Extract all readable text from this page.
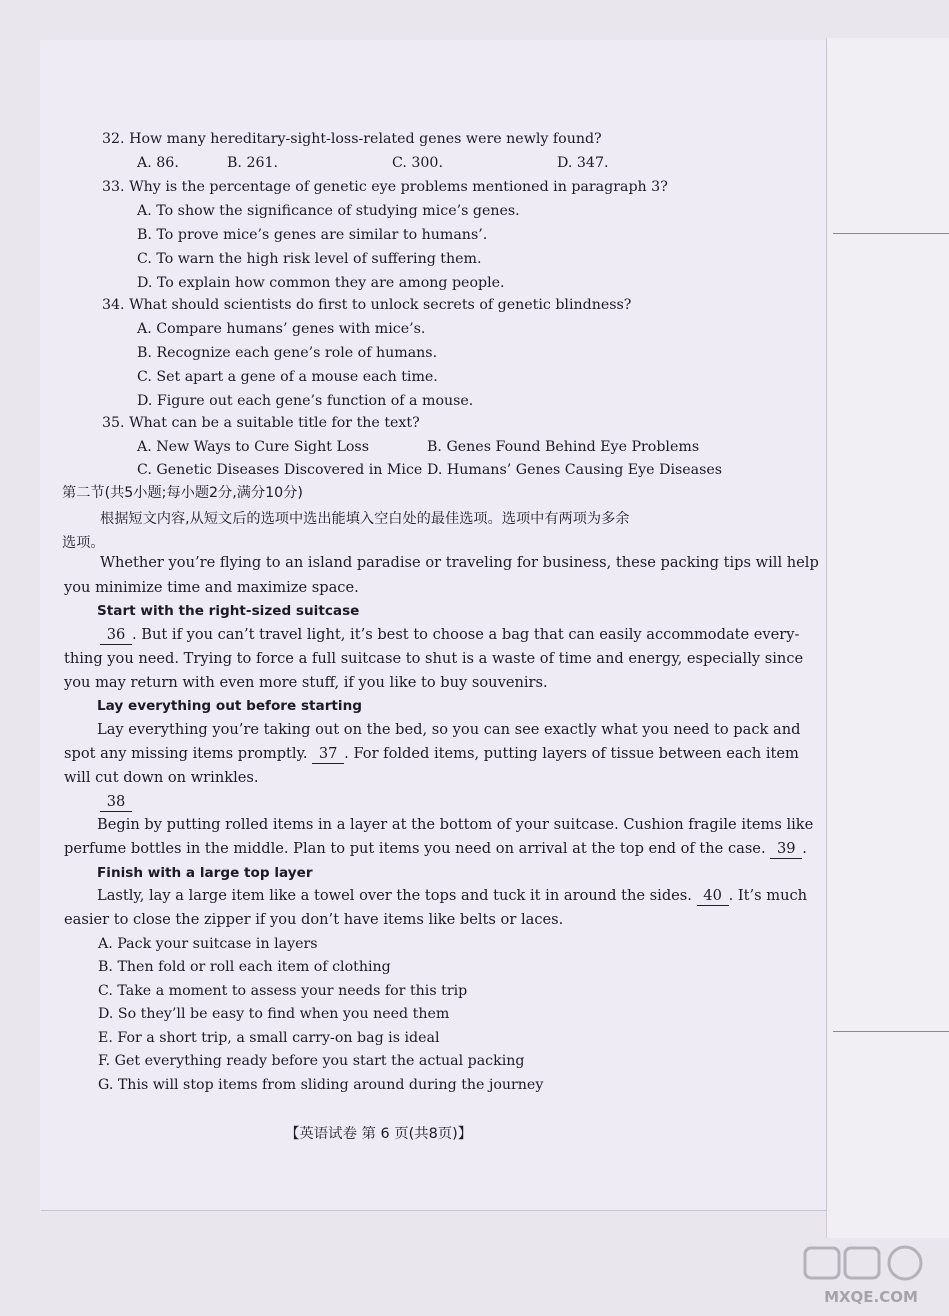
32. How many hereditary-sight-loss-related genes were newly found?
A. 86.	B. 261.	C. 300.	D. 347.
33. Why is the percentage of genetic eye problems mentioned in paragraph 3?
A. To show the significance of studying mice’s genes.
B. To prove mice’s genes are similar to humans’.
C. To warn the high risk level of suffering them.
D. To explain how common they are among people.
34. What should scientists do first to unlock secrets of genetic blindness?
A. Compare humans’ genes with mice’s.
B. Recognize each gene’s role of humans.
C. Set apart a gene of a mouse each time.
D. Figure out each gene’s function of a mouse.
35. What can be a suitable title for the text?
A. New Ways to Cure Sight Loss	B. Genes Found Behind Eye Problems
C. Genetic Diseases Discovered in Mice D. Humans’ Genes Causing Eye Diseases
第二节(共5小题;每小题2分,满分10分)
根据短文内容,从短文后的选项中选出能填入空白处的最佳选项。选项中有两项为多余
选项。
Whether you’re flying to an island paradise or traveling for business, these packing tips will help
you minimize time and maximize space.
Start with the right-sized suitcase
36 . But if you can’t travel light, it’s best to choose a bag that can easily accommodate every-
thing you need. Trying to force a full suitcase to shut is a waste of time and energy, especially since
you may return with even more stuff, if you like to buy souvenirs.
Lay everything out before starting
Lay everything you’re taking out on the bed, so you can see exactly what you need to pack and
spot any missing items promptly. 37 . For folded items, putting layers of tissue between each item
will cut down on wrinkles.
38
Begin by putting rolled items in a layer at the bottom of your suitcase. Cushion fragile items like
perfume bottles in the middle. Plan to put items you need on arrival at the top end of the case. 39 .
Finish with a large top layer
Lastly, lay a large item like a towel over the tops and tuck it in around the sides. 40 . It’s much
easier to close the zipper if you don’t have items like belts or laces.
A. Pack your suitcase in layers
B. Then fold or roll each item of clothing
C. Take a moment to assess your needs for this trip
D. So they’ll be easy to find when you need them
E. For a short trip, a small carry-on bag is ideal
F. Get everything ready before you start the actual packing
G. This will stop items from sliding around during the journey
【英语试卷 第 6 页(共8页)】
MXQE.COM
